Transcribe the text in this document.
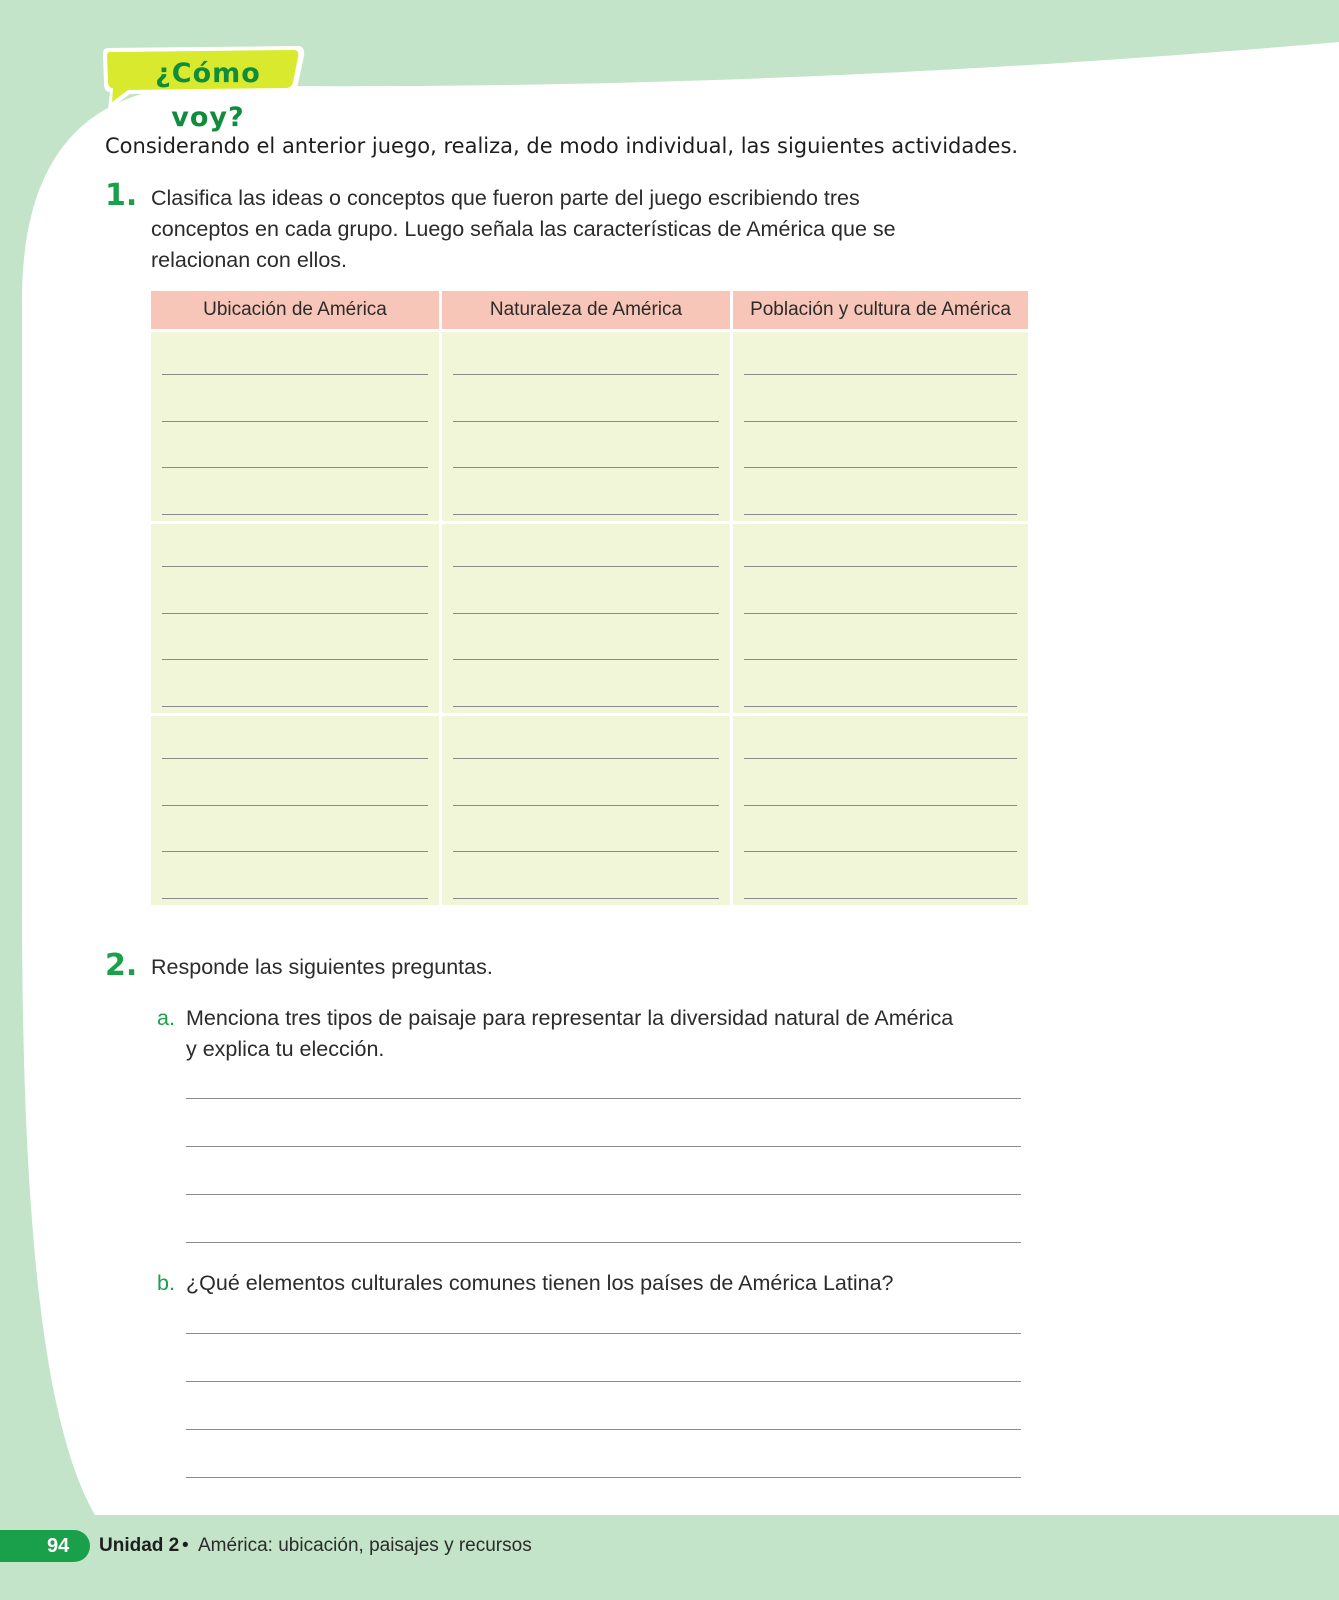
¿Cómo voy?
Considerando el anterior juego, realiza, de modo individual, las siguientes actividades.
1. Clasifica las ideas o conceptos que fueron parte del juego escribiendo tres
conceptos en cada grupo. Luego señala las características de América que se
relacionan con ellos.
Ubicación de América	Naturaleza de América	Población y cultura de América
2. Responde las siguientes preguntas.
a. Menciona tres tipos de paisaje para representar la diversidad natural de América
y explica tu elección.
b. ¿Qué elementos culturales comunes tienen los países de América Latina?
94 Unidad 2 • América: ubicación, paisajes y recursos
